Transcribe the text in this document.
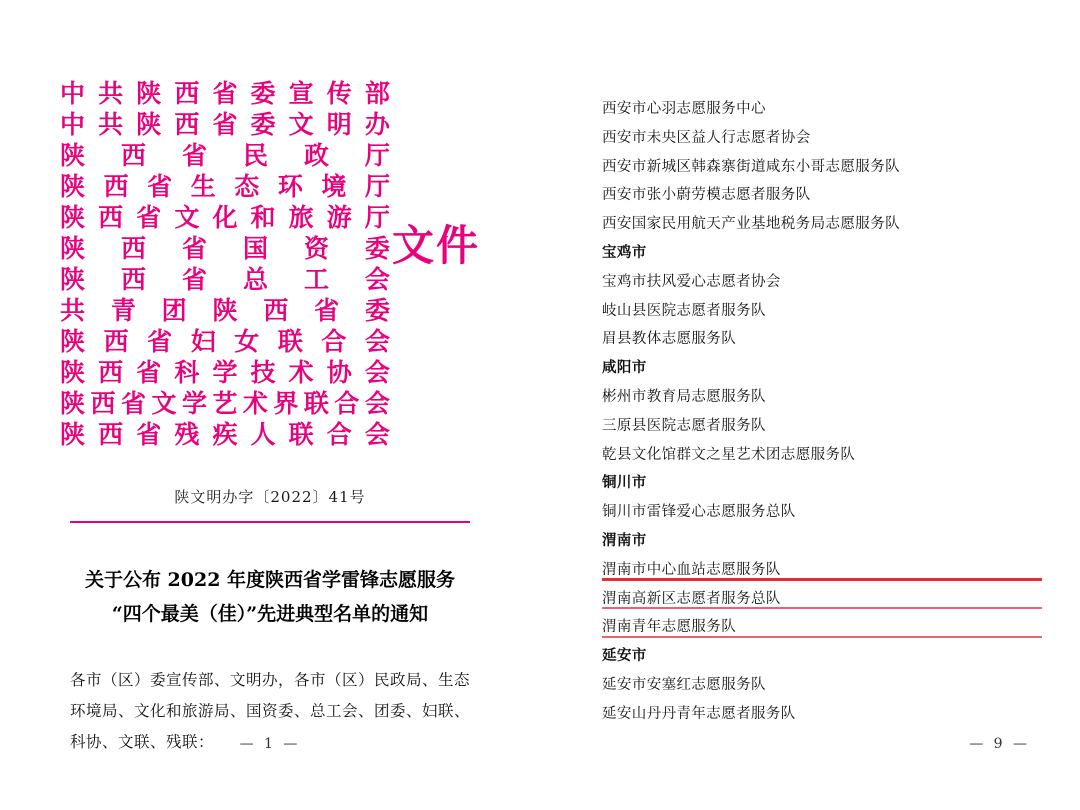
中 共 陕 西 省 委 宣 传 部
中 共 陕 西 省 委 文 明 办
陕 西 省 民 政 厅
陕 西 省 生 态 环 境 厅
陕 西 省 文 化 和 旅 游 厅
陕 西 省 国 资 委
陕 西 省 总 工 会
共 青 团 陕 西 省 委
陕 西 省 妇 女 联 合 会
陕 西 省 科 学 技 术 协 会
陕 西 省 文 学 艺 术 界 联 合 会
陕 西 省 残 疾 人 联 合 会
文件
陕文明办字〔2022〕41号
关于公布 2022 年度陕西省学雷锋志愿服务
“四个最美（佳）”先进典型名单的通知
各市（区）委宣传部、文明办，各市（区）民政局、生态环境局、文化和旅游局、国资委、总工会、团委、妇联、科协、文联、残联：	— 1 —
西安市心羽志愿服务中心
西安市未央区益人行志愿者协会
西安市新城区韩森寨街道咸东小哥志愿服务队
西安市张小蔚劳模志愿者服务队
西安国家民用航天产业基地税务局志愿服务队
宝鸡市
宝鸡市扶风爱心志愿者协会
岐山县医院志愿者服务队
眉县教体志愿服务队
咸阳市
彬州市教育局志愿服务队
三原县医院志愿者服务队
乾县文化馆群文之星艺术团志愿服务队
铜川市
铜川市雷锋爱心志愿服务总队
渭南市
渭南市中心血站志愿服务队
渭南高新区志愿者服务总队
渭南青年志愿服务队
延安市
延安市安塞红志愿服务队
延安山丹丹青年志愿者服务队
— 9 —
